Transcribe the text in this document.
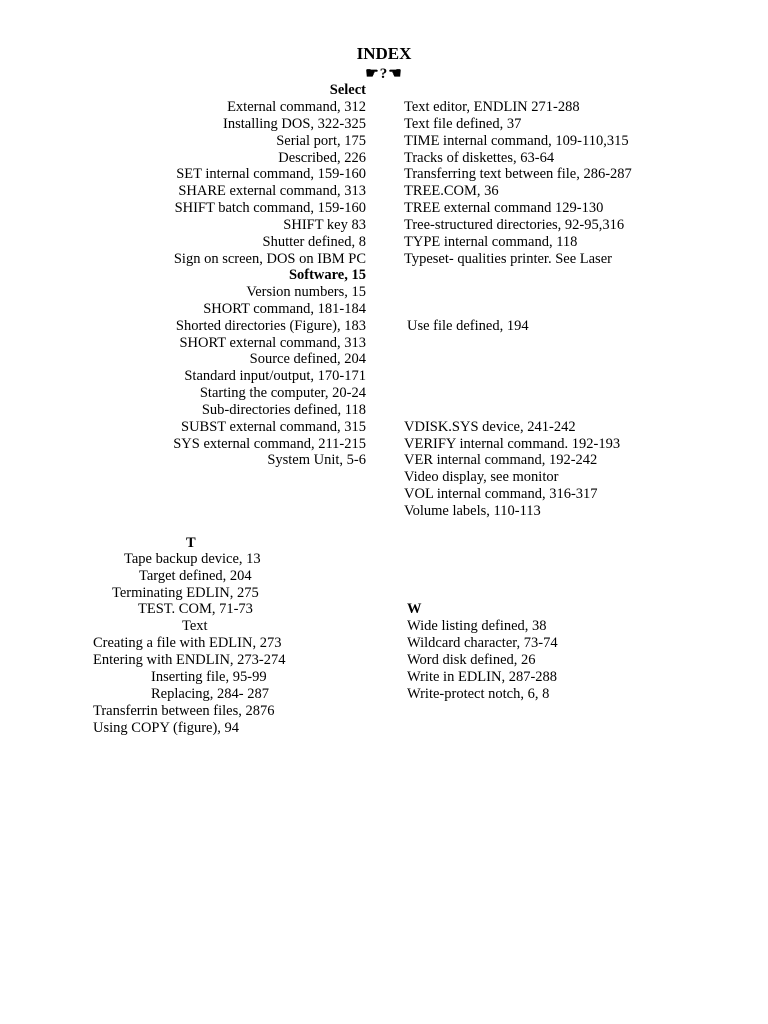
INDEX
☛?☚
Select
External command, 312
Installing DOS, 322-325
Serial port, 175
Described, 226
SET internal command, 159-160
SHARE external command, 313
SHIFT batch command, 159-160
SHIFT key 83
Shutter defined, 8
Sign on screen, DOS on IBM PC
Software, 15
Version numbers, 15
SHORT command, 181-184
Shorted directories (Figure), 183
SHORT external command, 313
Source defined, 204
Standard input/output, 170-171
Starting the computer, 20-24
Sub-directories defined, 118
SUBST external command, 315
SYS external command, 211-215
System Unit, 5-6
Text editor, ENDLIN 271-288
Text file defined, 37
TIME internal command, 109-110,315
Tracks of diskettes, 63-64
Transferring text between file, 286-287
TREE.COM, 36
TREE external command 129-130
Tree-structured directories, 92-95,316
TYPE internal command, 118
Typeset- qualities printer. See Laser
Use file defined, 194
VDISK.SYS device, 241-242
VERIFY internal command. 192-193
VER internal command, 192-242
Video display, see monitor
VOL internal command, 316-317
Volume labels, 110-113
T
Tape backup device, 13
Target defined, 204
Terminating EDLIN, 275
TEST. COM, 71-73
Text
Creating a file with EDLIN, 273
Entering with ENDLIN, 273-274
Inserting file, 95-99
Replacing, 284- 287
Transferrin between files, 2876
Using COPY (figure), 94
W
Wide listing defined, 38
Wildcard character, 73-74
Word disk defined, 26
Write in EDLIN, 287-288
Write-protect notch, 6, 8
